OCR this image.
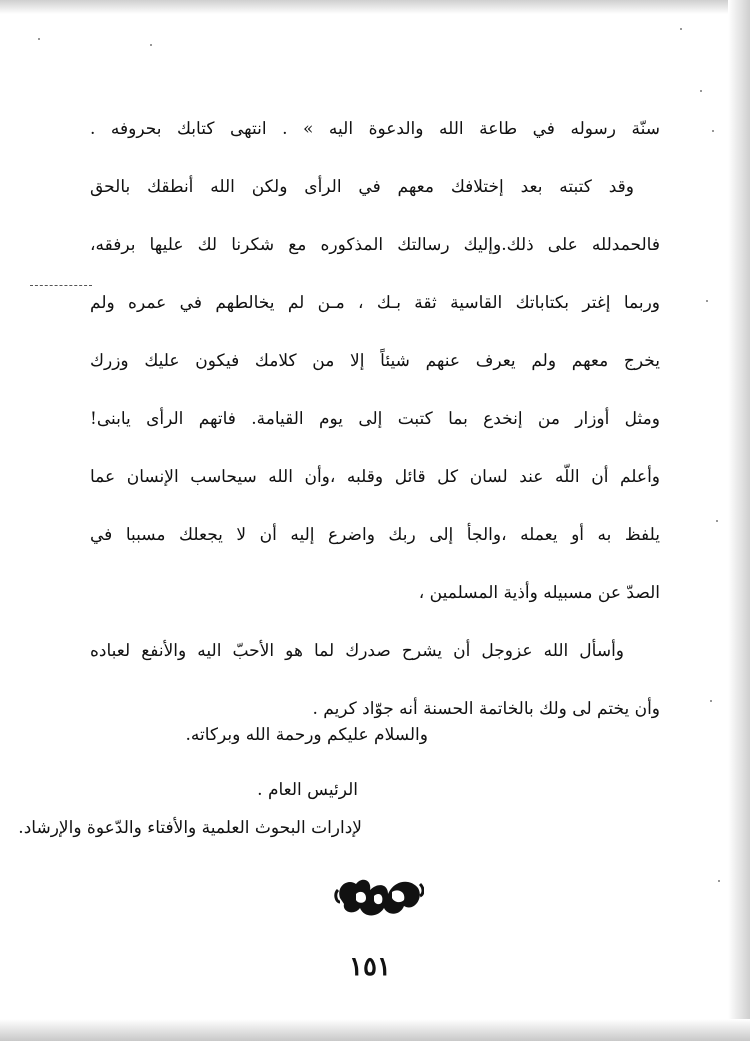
سنّة رسوله في طاعة الله والدعوة اليه » . انتهى كتابك بحروفه .
وقد كتبته بعد إختلافك معهم في الرأى ولكن الله أنطقك بالحق
فالحمدلله على ذلك.وإليك رسالتك المذكوره مع شكرنا لك عليها برفقه،
وربما إغتر بكتاباتك القاسية ثقة بـك ، مـن لم يخالطهم في عمره ولم
يخرج معهم ولم يعرف عنهم شيئاً إلا من كلامك فيكون عليك وزرك
ومثل أوزار من إنخدع بما كتبت إلى يوم القيامة. فاتهم الرأى يابنى!
وأعلم أن اللّه عند لسان كل قائل وقلبه ،وأن الله سيحاسب الإنسان عما
يلفظ به أو يعمله ،والجأ إلى ربك واضرع إليه أن لا يجعلك مسببا في
الصدّ عن مسبيله وأذية المسلمين ،
وأسأل الله عزوجل أن يشرح صدرك لما هو الأحبّ اليه والأنفع لعباده
وأن يختم لى ولك بالخاتمة الحسنة أنه جوّاد كريم .
والسلام عليكم ورحمة الله وبركاته.
الرئيس العام .
لإدارات البحوث العلمية والأفتاء والدّعوة والإرشاد.
١٥١
